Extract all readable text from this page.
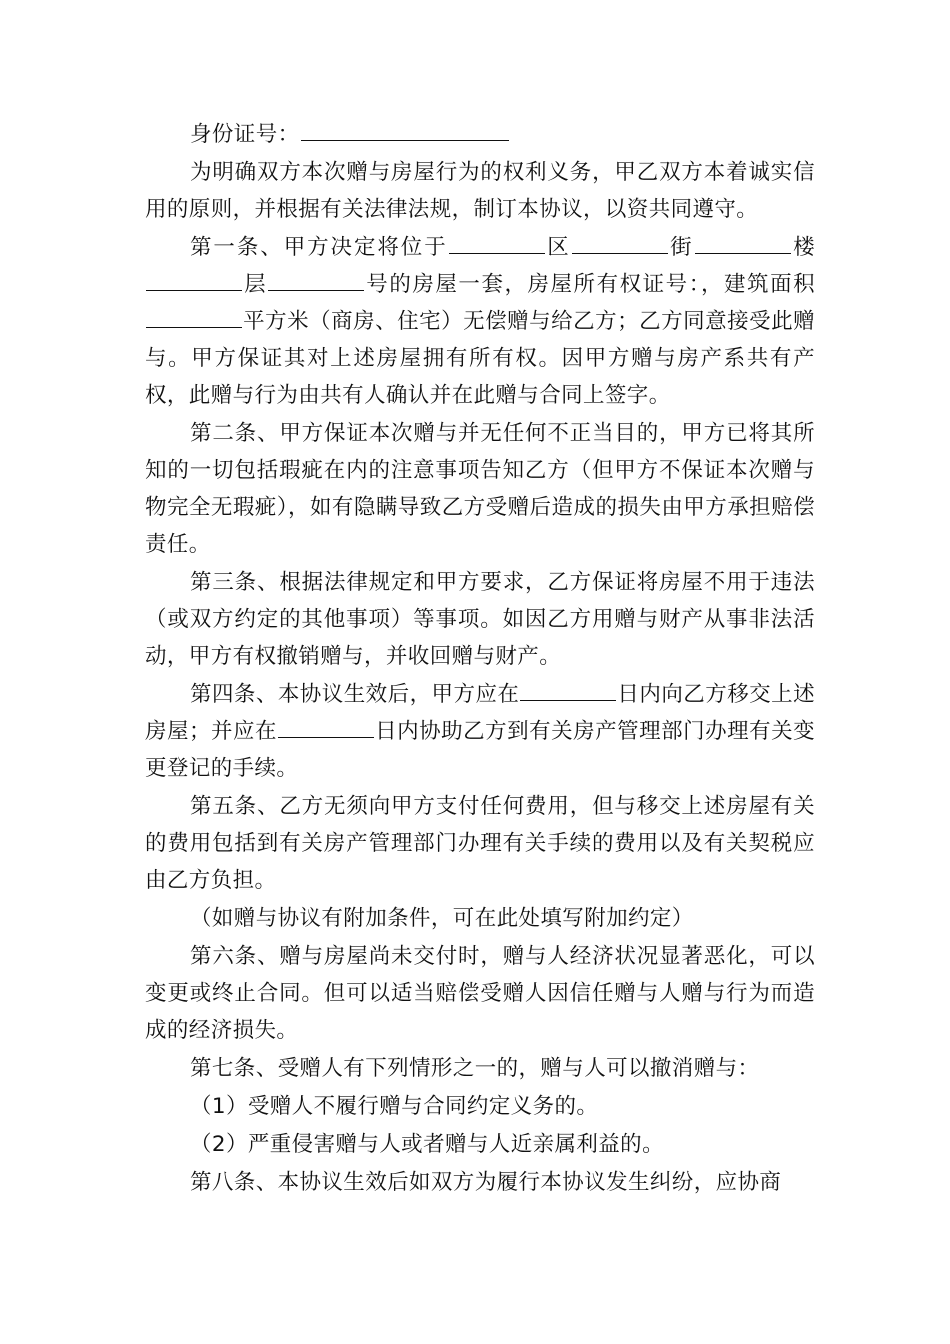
身份证号：

为明确双方本次赠与房屋行为的权利义务，甲乙双方本着诚实信用的原则，并根据有关法律法规，制订本协议，以资共同遵守。

第一条、甲方决定将位于	区	街	楼层	号的房屋一套，房屋所有权证号：，建筑面积平方米（商房、住宅）无偿赠与给乙方；乙方同意接受此赠与。甲方保证其对上述房屋拥有所有权。因甲方赠与房产系共有产权，此赠与行为由共有人确认并在此赠与合同上签字。

第二条、甲方保证本次赠与并无任何不正当目的，甲方已将其所知的一切包括瑕疵在内的注意事项告知乙方（但甲方不保证本次赠与物完全无瑕疵），如有隐瞒导致乙方受赠后造成的损失由甲方承担赔偿责任。

第三条、根据法律规定和甲方要求，乙方保证将房屋不用于违法（或双方约定的其他事项）等事项。如因乙方用赠与财产从事非法活动，甲方有权撤销赠与，并收回赠与财产。

第四条、本协议生效后，甲方应在	日内向乙方移交上述房屋；并应在	日内协助乙方到有关房产管理部门办理有关变更登记的手续。

第五条、乙方无须向甲方支付任何费用，但与移交上述房屋有关的费用包括到有关房产管理部门办理有关手续的费用以及有关契税应由乙方负担。

（如赠与协议有附加条件，可在此处填写附加约定）

第六条、赠与房屋尚未交付时，赠与人经济状况显著恶化，可以变更或终止合同。但可以适当赔偿受赠人因信任赠与人赠与行为而造成的经济损失。

第七条、受赠人有下列情形之一的，赠与人可以撤消赠与：

（1）受赠人不履行赠与合同约定义务的。

（2）严重侵害赠与人或者赠与人近亲属利益的。

第八条、本协议生效后如双方为履行本协议发生纠纷，应协商
